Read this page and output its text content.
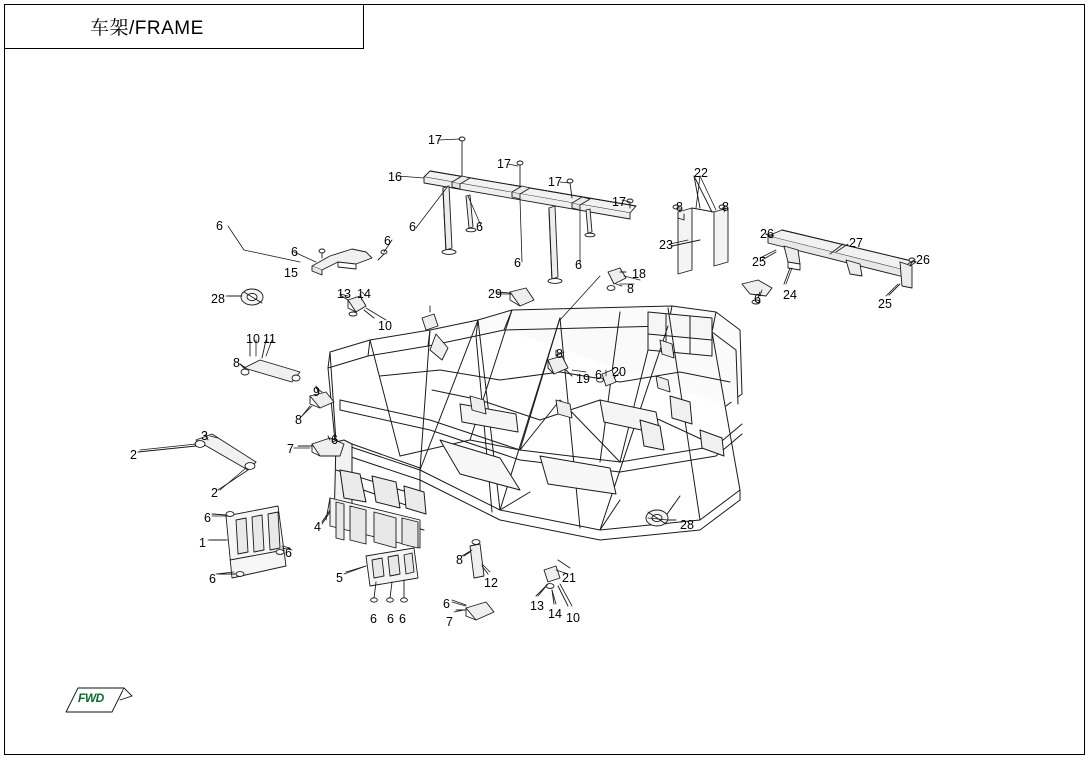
车架/FRAME
FWD
17
16
17
17
17
6	6	6
6
6
15
6	6
18
8
22
8	8
23
26
25
27
26
25
24
6
28	13 14
10
29
10 11
8
8
19 6 20
9
8
3
2	7
6
2
6
1
6
6
4
5
8
12
6 6 6
6
7
21
13
14 10
28
